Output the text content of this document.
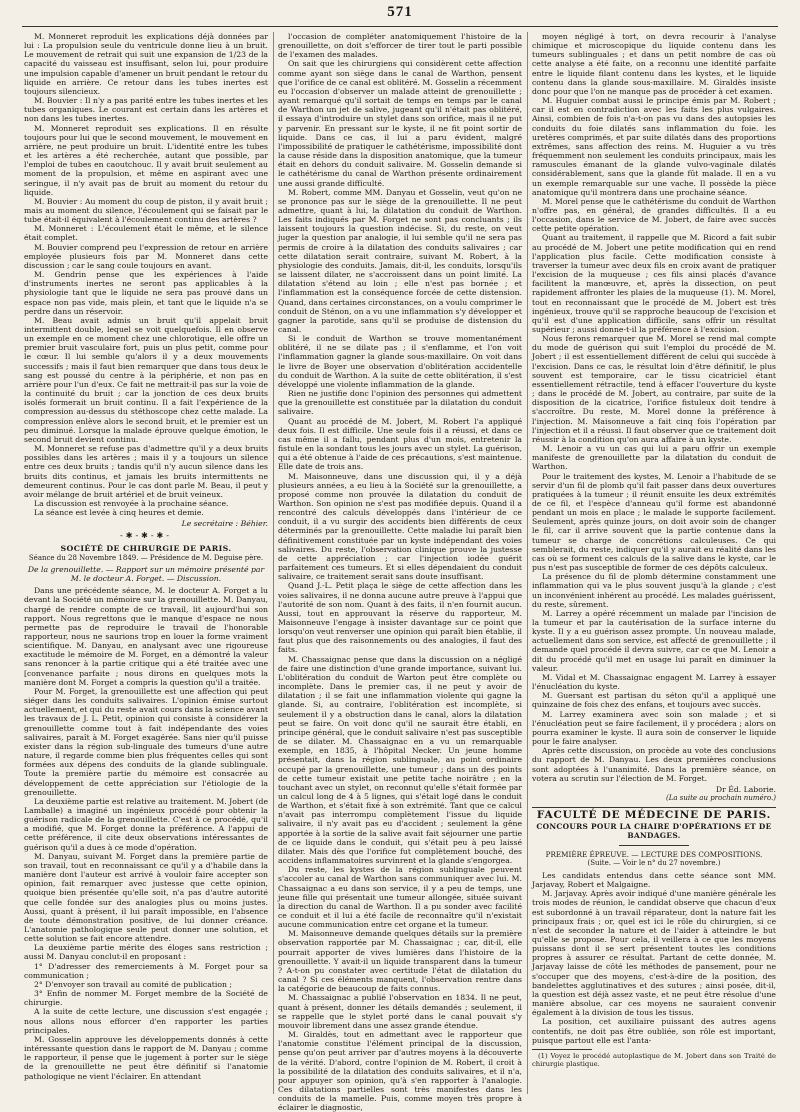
571

M. Monneret reproduit les explications déjà données par lui : La propulsion seule du ventricule donne lieu à un bruit. Le mouvement de retrait qui suit une expansion de 1/23 de la capacité du vaisseau est insuffisant, selon lui, pour produire une impulsion capable d'amener un bruit pendant le retour du liquide en arrière. Ce retour dans les tubes inertes est toujours silencieux.

M. Bouvier : Il n'y a pas parité entre les tubes inertes et les tubes organiques. Le courant est certain dans les artères et non dans les tubes inertes.

M. Monneret reproduit ses explications. Il en résulte toujours pour lui que le second mouvement, le mouvement en arrière, ne peut produire un bruit. L'identité entre les tubes et les artères a été recherchée, autant que possible, par l'emploi de tubes en caoutchouc. Il y avait bruit seulement au moment de la propulsion, et même en aspirant avec une seringue, il n'y avait pas de bruit au moment du retour du liquide.

M. Bouvier : Au moment du coup de piston, il y avait bruit ; mais au moment du silence, l'écoulement qui se faisait par le tube était-il équivalent à l'écoulement continu des artères ?

M. Monneret : L'écoulement était le même, et le silence était complet.

M. Bouvier comprend peu l'expression de retour en arrière employée plusieurs fois par M. Monneret dans cette discussion ; car le sang coule toujours en avant.

M. Gendrin pense que les expériences à l'aide d'instruments inertes ne seront pas applicables à la physiologie tant que le liquide ne sera pas prouvé dans un espace non pas vide, mais plein, et tant que le liquide n'a se perdre dans un réservoir.

M. Beau avait admis un bruit qu'il appelait bruit intermittent double, lequel se voit quelquefois. Il en observe un exemple en ce moment chez une chlorotique, elle offre un premier bruit vasculaire fort, puis un plus petit, comme pour le cœur. Il lui semble qu'alors il y a deux mouvements successifs ; mais il faut bien remarquer que dans tous deux le sang est poussé du centre à la périphérie, et non pas en arrière pour l'un d'eux. Ce fait ne mettrait-il pas sur la voie de la continuité du bruit ; car la jonction de ces deux bruits isolés formerait un bruit continu. Il a fait l'expérience de la compression au-dessus du stéthoscope chez cette malade. La compression enlève alors le second bruit, et le premier est un peu diminué. Lorsque la malade éprouve quelque émotion, le second bruit devient continu.

M. Monneret se refuse pas d'admettre qu'il y a deux bruits possibles dans les artères ; mais il y a toujours un silence entre ces deux bruits ; tandis qu'il n'y aucun silence dans les bruits dits continus, et jamais les bruits intermittents ne demeurent continus. Pour le cas dont parle M. Beau, il peut y avoir mélange de bruit artériel et de bruit veineux.

La discussion est renvoyée à la prochaine séance.

La séance est levée à cinq heures et demie.

Le secrétaire : Béhier.
-✱-✱-✱-
SOCIÉTÉ DE CHIRURGIE DE PARIS.
Séance du 28 Novembre 1849. — Présidence de M. Deguise père.
De la grenouillette. — Rapport sur un mémoire présenté par M. le docteur A. Forget. — Discussion.

Dans une précédente séance, M. le docteur A. Forget a lu devant la Société un mémoire sur la grenouillette. M. Danyau, chargé de rendre compte de ce travail, lit aujourd'hui son rapport. Nous regrettons que le manque d'espace ne nous permette pas de reproduire le travail de l'honorable rapporteur, nous ne saurions trop en louer la forme vraiment scientifique. M. Danyau, en analysant avec une rigoureuse exactitude le mémoire de M. Forget, en a démontré la valeur sans renoncer à la partie critique qui a été traitée avec une [convenance parfaite ; nous dirons en quelques mots la manière dont M. Forget a compris la question qu'il a traitée.

Pour M. Forget, la grenouillette est une affection qui peut siéger dans les conduits salivaires. L'opinion émise surtout actuellement, et qui du reste avait cours dans la science avant les travaux de J. L. Petit, opinion qui consiste à considérer la grenouillette comme tout à fait indépendante des voies salivaires, paraît à M. Forget exagérée. Sans nier qu'il puisse exister dans la région sub-linguale des tumeurs d'une autre nature, il regarde comme bien plus fréquentes celles qui sont formées aux dépens des conduits de la glande sublinguale. Toute la première partie du mémoire est consacrée au développement de cette appréciation sur l'étiologie de la grenouillette.

La deuxième partie est relative au traitement. M. Jobert (de Lamballe) a imaginé un ingénieux procédé pour obtenir la guérison radicale de la grenouillette. C'est à ce procédé, qu'il a modifié, que M. Forget donne la préférence. A l'appui de cette préférence, il cite deux observations intéressantes de guérison qu'il a dues à ce mode d'opération.

M. Danyau, suivant M. Forget dans la première partie de son travail, tout en reconnaissant ce qu'il y a d'habile dans la manière dont l'auteur est arrivé à vouloir faire accepter son opinion, fait remarquer avec justesse que cette opinion, quoique bien présentée qu'elle soit, n'a pas d'autre autorité que celle fondée sur des analogies plus ou moins justes. Aussi, quant à présent, il lui paraît impossible, en l'absence de toute démonstration positive, de lui donner créance. L'anatomie pathologique seule peut donner une solution, et cette solution se fait encore attendre.

La deuxième partie mérite des éloges sans restriction ; aussi M. Danyau conclut-il en proposant :

1° D'adresser des remerciements à M. Forget pour sa communication ;

2° D'envoyer son travail au comité de publication ;

3° Enfin de nommer M. Forget membre de la Société de chirurgie.

A la suite de cette lecture, une discussion s'est engagée ; nous allons nous efforcer d'en rapporter les parties principales.

M. Gosselin approuve les développements donnés à cette intéressante question dans le rapport de M. Danyau ; comme le rapporteur, il pense que le jugement à porter sur le siège de la grenouillette ne peut être définitif si l'anatomie pathologique ne vient l'éclairer. En attendant

l'occasion de compléter anatomiquement l'histoire de la grenouillette, on doit s'efforcer de tirer tout le parti possible de l'examen des malades.

On sait que les chirurgiens qui considèrent cette affection comme ayant son siège dans le canal de Warthon, pensent que l'orifice de ce canal est oblitéré. M. Gosselin a récemment eu l'occasion d'observer un malade atteint de grenouillette ; ayant remarqué qu'il sortait de temps en temps par le canal de Warthon un jet de salive, jugeant qu'il n'était pas oblitéré, il essaya d'introduire un stylet dans son orifice, mais il ne put y parvenir. En pressant sur le kyste, il ne fit point sortir de liquide. Dans ce cas, il lui a paru évident, malgré l'impossibilité de pratiquer le cathétérisme, impossibilité dont la cause réside dans la disposition anatomique, que la tumeur était en dehors du conduit salivaire. M. Gosselin demande si le cathétérisme du canal de Warthon présente ordinairement une aussi grande difficulté.

M. Robert, comme MM. Danyau et Gosselin, veut qu'on ne se prononce pas sur le siège de la grenouillette. Il ne peut admettre, quant à lui, la dilatation du conduit de Warthon. Les faits indiqués par M. Forget ne sont pas concluants ; ils laissent toujours la question indécise. Si, du reste, on veut juger la question par analogie, il lui semble qu'il ne sera pas permis de croire à la dilatation des conduits salivaires ; car cette dilatation serait contraire, suivant M. Robert, à la physiologie des conduits. Jamais, dit-il, les conduits, lorsqu'ils se laissent dilater, ne s'accroissent dans un point limité. La dilatation s'étend au loin ; elle n'est pas bornée ; et l'inflammation est la conséquence forcée de cette distension. Quand, dans certaines circonstances, on a voulu comprimer le conduit de Sténon, on a vu une inflammation s'y développer et gagner la parotide, sans qu'il se produise de distension du canal.

Si le conduit de Warthon se trouve momentanément oblitéré, il ne se dilate pas ; il s'enflamme, et l'on voit l'inflammation gagner la glande sous-maxillaire. On voit dans le livre de Boyer une observation d'oblitération accidentelle du conduit de Warthon. A la suite de cette oblitération, il s'est développé une violente inflammation de la glande.

Rien ne justifie donc l'opinion des personnes qui admettent que la grenouillette est constituée par la dilatation du conduit salivaire.

Quant au procédé de M. Jobert, M. Robert l'a appliqué deux fois. Il est difficile. Une seule fois il a réussi, et dans ce cas même il a fallu, pendant plus d'un mois, entretenir la fistule en la sondant tous les jours avec un stylet. La guérison, qui a été obtenue à l'aide de ces précautions, s'est maintenue. Elle date de trois ans.

M. Maisonneuve, dans une discussion qui, il y a déjà plusieurs années, a eu lieu à la Société sur la grenouillette, a proposé comme non prouvée la dilatation du conduit de Warthon. Son opinion ne s'est pas modifiée depuis. Quand il a rencontré des calculs développés dans l'intérieur de ce conduit, il a vu surgir des accidents bien différents de ceux déterminés par la grenouillette. Cette maladie lui paraît bien définitivement constituée par un kyste indépendant des voies salivaires. Du reste, l'observation clinique prouve la justesse de cette appréciation ; car l'injection iodée guérit parfaitement ces tumeurs. Et si elles dépendaient du conduit salivaire, ce traitement serait sans doute insuffisant.

Quand J.-L. Petit plaça le siège de cette affection dans les voies salivaires, il ne donna aucune autre preuve à l'appui que l'autorité de son nom. Quant à des faits, il n'en fournit aucun. Aussi, tout en approuvant la réserve du rapporteur, M. Maisonneuve l'engage à insister davantage sur ce point que lorsqu'on veut renverser une opinion qui paraît bien établie, il faut plus que des raisonnements ou des analogies, il faut des faits.

M. Chassaignac pense que dans la discussion on a négligé de faire une distinction d'une grande importance, suivant lui. L'oblitération du conduit de Warton peut être complète ou incomplète. Dans le premier cas, il ne peut y avoir de dilatation ; il se fait une inflammation violente qui gagne la glande. Si, au contraire, l'oblitération est incomplète, si seulement il y a obstruction dans le canal, alors la dilatation peut se faire. On voit donc qu'il ne saurait être établi, en principe général, que le conduit salivaire n'est pas susceptible de se dilater. M. Chassaignac en a vu un remarquable exemple, en 1835, à l'hôpital Necker. Un jeune homme présentait, dans la région sublinguale, au point ordinaire occupé par la grenouillette, une tumeur ; dans un des points de cette tumeur existait une petite tache noirâtre ; en la touchant avec un stylet, on reconnut qu'elle s'était formée par un calcul long de 4 à 5 lignes, qui s'était logé dans le conduit de Warthon, et s'était fixé à son extrémité. Tant que ce calcul n'avait pas interrompu complètement l'issue du liquide salivaire, il n'y avait pas eu d'accident ; seulement la gêne apportée à la sortie de la salive avait fait séjourner une partie de ce liquide dans le conduit, qui s'était peu à peu laissé dilater. Mais dès que l'orifice fut complètement bouché, des accidens inflammatoires survinrent et la glande s'engorgea.

Du reste, les kystes de la région sublinguale peuvent s'accoler au canal de Warthon sans communiquer avec lui. M. Chassaignac a eu dans son service, il y a peu de temps, une jeune fille qui présentait une tumeur allongée, située suivant la direction du canal de Warthon. Il a pu sonder avec facilité ce conduit et il lui a été facile de reconnaître qu'il n'existait aucune communication entre cet organe et la tumeur.

M. Maisonneuve demande quelques détails sur la première observation rapportée par M. Chassaignac ; car, dit-il, elle pourrait apporter de vives lumières dans l'histoire de la grenouillette. Y avait-il un liquide transparent dans la tumeur ? A-t-on pu constater avec certitude l'état de dilatation du canal ? Si ces éléments manquent, l'observation rentre dans la catégorie de beaucoup de faits connus.

M. Chassaignac a publié l'observation en 1834. Il ne peut, quant à présent, donner les détails demandés ; seulement, il se rappelle que le stylet porté dans le canal pouvait s'y mouvoir librement dans une assez grande étendue.

M. Giraldès, tout en admettant avec le rapporteur que l'anatomie constitue l'élément principal de la discussion, pense qu'on peut arriver par d'autres moyens à la découverte de la vérité. D'abord, contre l'opinion de M. Robert, il croit à la possibilité de la dilatation des conduits salivaires, et il n'a, pour appuyer son opinion, qu'à s'en rapporter à l'analogie. Ces dilatations partielles sont très manifestes dans les conduits de la mamelle. Puis, comme moyen très propre à éclairer le diagnostic,

moyen négligé à tort, on devra recourir à l'analyse chimique et microscopique du liquide contenu dans les tumeurs sublinguales ; et dans un petit nombre de cas où cette analyse a été faite, on a reconnu une identité parfaite entre le liquide filant contenu dans les kystes, et le liquide contenu dans la glande sous-maxillaire. M. Giraldès insiste donc pour que l'on ne manque pas de procéder à cet examen.

M. Huguier combat aussi le principe émis par M. Robert ; car il est en contradiction avec les faits les plus vulgaires. Ainsi, combien de fois n'a-t-on pas vu dans des autopsies les conduits du foie dilatés sans inflammation du foie. les uretères comprimés, et par suite dilatés dans des proportions extrêmes, sans affection des reins. M. Huguier a vu très fréquemment non seulement les conduits principaux, mais les ramuscules émanant de la glande vulvo-vaginale dilatés considérablement, sans que la glande fût malade. Il en a vu un exemple remarquable sur une vache. Il possède la pièce anatomique qu'il montrera dans une prochaine séance.

M. Morel pense que le cathétérisme du conduit de Warthon n'offre pas, en général, de grandes difficultés. Il a eu l'occasion, dans le service de M. Jobert, de faire avec succès cette petite opération.

Quant au traitement, il rappelle que M. Ricord a fait subir au procédé de M. Jobert une petite modification qui en rend l'application plus facile. Cette modification consiste à traverser la tumeur avec deux fils en croix avant de pratiquer l'excision de la muqueuse ; ces fils ainsi placés d'avance facilitent la manœuvre, et, après la dissection, on peut rapidement affronter les plaies de la muqueuse (1). M. Morel, tout en reconnaissant que le procédé de M. Jobert est très ingénieux, trouve qu'il se rapproche beaucoup de l'excision et qu'il est d'une application difficile, sans offrir un résultat supérieur ; aussi donne-t-il la préférence à l'excision.

Nous ferons remarquer que M. Morel se rend mal compte du mode de guérison qui suit l'emploi du procédé de M. Jobert ; il est essentiellement différent de celui qui succède à l'excision. Dans ce cas, le résultat loin d'être définitif, le plus souvent est temporaire, car le tissu cicatriciel étant essentiellement rétractile, tend à effacer l'ouverture du kyste ; dans le procédé de M. Jobert, au contraire, par suite de la disposition de la cicatrice, l'orifice fistuleux doit tendre à s'accroître. Du reste, M. Morel donne la préférence à l'injection. M. Maisonneuve a fait cinq fois l'opération par l'injection et il a réussi. Il faut observer que ce traitement doit réussir à la condition qu'on aura affaire à un kyste.

M. Lenoir a vu un cas qui lui a paru offrir un exemple manifeste de grenouillette par la dilatation du conduit de Warthon.

Pour le traitement des kystes, M. Lenoir a l'habitude de se servir d'un fil de plomb qu'il fait passer dans deux ouvertures pratiquées à la tumeur ; il réunit ensuite les deux extrémités de ce fil, et l'espèce d'anneau qu'il forme est abandonné pendant un mois en place ; le malade le supporte facilement. Seulement, après quinze jours, on doit avoir soin de changer le fil, car il arrive souvent que la partie contenue dans la tumeur se charge de concrétions calculeuses. Ce qui semblerait, du reste, indiquer qu'il y aurait eu réalité dans les cas où se forment ces calculs de la salive dans le kyste, car le pus n'est pas susceptible de former de ces dépôts calculeux.

La présence du fil de plomb détermine constamment une inflammation qui va le plus souvent jusqu'à la glande ; c'est un inconvénient inhérent au procédé. Les malades guérissent, du reste, sûrement.

M. Larrey a opéré récemment un malade par l'incision de la tumeur et par la cautérisation de la surface interne du kyste. Il y a eu guérison assez prompte. Un nouveau malade, actuellement dans son service, est affecté de grenouillette ; il demande quel procédé il devra suivre, car ce que M. Lenoir a dit du procédé qu'il met en usage lui paraît en diminuer la valeur.

M. Vidal et M. Chassaignac engagent M. Larrey à essayer l'énucléation du kyste.

M. Guersant est partisan du séton qu'il a appliqué une quinzaine de fois chez des enfans, et toujours avec succès.

M. Larrey examinera avec soin son malade ; et si l'énucléation peut se faire facilement, il y procédera ; alors on pourra examiner le kyste. Il aura soin de conserver le liquide pour le faire analyser.

Après cette discussion, on procède au vote des conclusions du rapport de M. Danyau. Les deux premières conclusions sont adoptées à l'unanimité. Dans la première séance, on votera au scrutin sur l'élection de M. Forget.

Dr Éd. Laborie.
(La suite au prochain numéro.)
FACULTÉ DE MÉDECINE DE PARIS.
CONCOURS POUR LA CHAIRE D'OPÉRATIONS ET DE BANDAGES.
PREMIÈRE ÉPREUVE. — LECTURE DES COMPOSITIONS.
(Suite. — Voir le n° du 27 novembre.)

Les candidats entendus dans cette séance sont MM. Jarjavay, Robert et Malgaigne.

M. Jarjavay. Après avoir indiqué d'une manière générale les trois modes de réunion, le candidat observe que chacun d'eux est subordonné à un travail réparateur, dont la nature fait les principaux frais ; or, quel est ici le rôle du chirurgien, si ce n'est de seconder la nature et de l'aider à atteindre le but qu'elle se propose. Pour cela, il veillera à ce que les moyens puissans dont il se sert présentent toutes les conditions propres à assurer ce résultat. Partant de cette donnée, M. Jarjavay laisse de côté les méthodes de pansement, pour ne s'occuper que des moyens, c'est-à-dire de la position, des bandelettes agglutinatives et des sutures ; ainsi posée, dit-il, la question est déjà assez vaste, et ne peut être résolue d'une manière absolue, car ces moyens ne sauraient convenir également à la division de tous les tissus.

La position, cet auxiliaire puissant des autres agens contentifs, ne doit pas être oubliée, son rôle est important, puisque partout elle est l'anta-

(1) Voyez le procédé autoplastique de M. Jobert dans son Traité de chirurgie plastique.
